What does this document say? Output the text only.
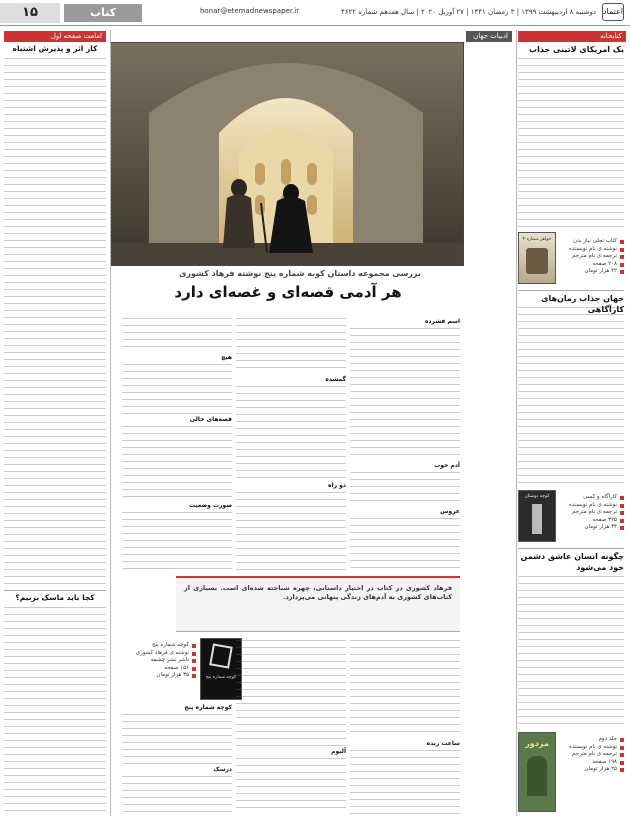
اعتماد
دوشنبه ۸ اردیبهشت ۱۳۹۹ | ۳ رمضان ۱۴۴۱ | ۲۷ آوریل ۲۰۲۰ | سال هفدهم شماره ۴۶۲۲
honar@etemadnewspaper.ir
کتاب
۱۵
کتابخانه
یک امریکای لاتینی جذاب
خواهر شماره ۴	کتاب تجلی نیاز بدن
نوشته ی نام نویسنده
ترجمه ی نام مترجم
۲۰۸ صفحه
۴۲ هزار تومان
جهان جذاب رمان‌های کارآگاهی
کوچه دوستان	کارآگاه و کسی
نوشته ی نام نویسنده
ترجمه ی نام مترجم
۳۲۵ صفحه
۳۴ هزار تومان
چگونه انسان عاشق دشمن خود می‌شود
مزدور	جلد دوم
نوشته ی نام نویسنده
ترجمه ی نام مترجم
۱۹۸ صفحه
۲۵ هزار تومان
ادبیات جهان
بررسی مجموعه داستان کوبه شماره پنج نوشته فرهاد کشوری
هر آدمی قصه‌ای و غصه‌ای دارد
اسم فشرده
آدم خوب
عروس
گمشده
دو راه
هیچ
قصه‌های خالی
صورت وضعیت
فرهاد کشوری در کتاب در اختیار داستانی، چهره شناخته شده‌ای است. بسیاری از کتاب‌های کشوری به آدم‌های زندگی پنهانی می‌پردازد.
کوچه شماره پنج
کوچه شماره پنج
نوشته ی فرهاد کشوری
ناشر نشر چشمه
۱۵۶ صفحه
۳۵ هزار تومان
ساعت زنده
آلبوم
کوچه شماره پنج
درسک
امامت صفحه اول
کار اثر و پذیرش اشتباه
کجا باید ماسک بزنیم؟
